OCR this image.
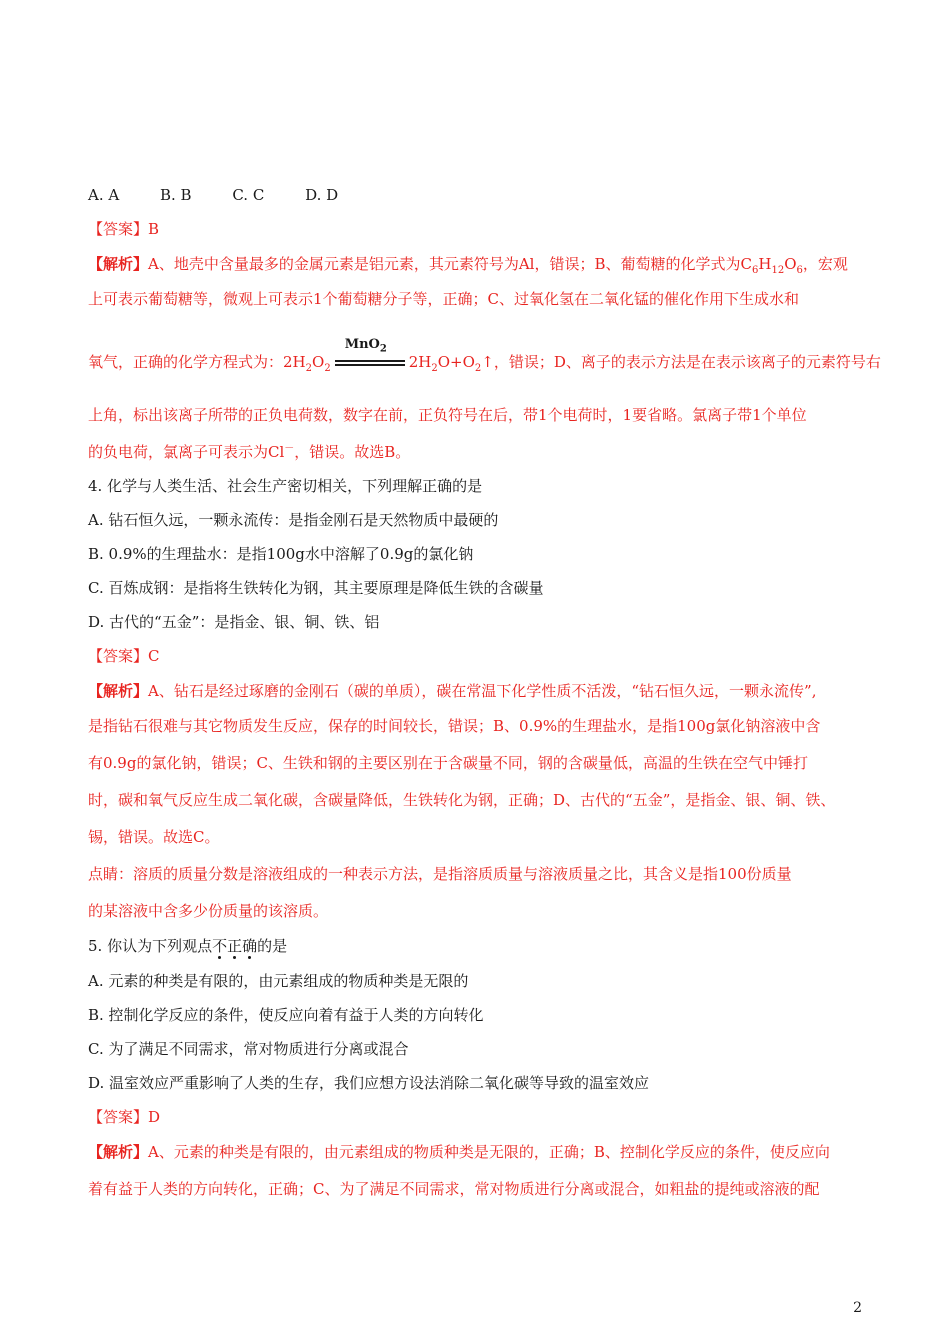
A. A	B. B	C. C	D. D
【答案】B
【解析】A、地壳中含量最多的金属元素是铝元素，其元素符号为Al，错误；B、葡萄糖的化学式为$C_6H_{12}O_6$，宏观
上可表示葡萄糖等，微观上可表示1个葡萄糖分子等，正确；C、过氧化氢在二氧化锰的催化作用下生成水和
氧气，正确的化学方程式为：$2H_2O_2$
MnO$_2$
$2H_2O+O_2↑$，错误；D、离子的表示方法是在表示该离子的元素符号右
上角，标出该离子所带的正负电荷数，数字在前，正负符号在后，带1个电荷时，1要省略。氯离子带1个单位
的负电荷，氯离子可表示为Cl－，错误。故选B。
4. 化学与人类生活、社会生产密切相关，下列理解正确的是
A. 钻石恒久远，一颗永流传：是指金刚石是天然物质中最硬的
B. 0.9%的生理盐水：是指100g水中溶解了0.9g的氯化钠
C. 百炼成钢：是指将生铁转化为钢，其主要原理是降低生铁的含碳量
D. 古代的“五金”：是指金、银、铜、铁、铝
【答案】C
【解析】A、钻石是经过琢磨的金刚石（碳的单质），碳在常温下化学性质不活泼，“钻石恒久远，一颗永流传”,
是指钻石很难与其它物质发生反应，保存的时间较长，错误；B、0.9%的生理盐水，是指100g氯化钠溶液中含
有0.9g的氯化钠，错误；C、生铁和钢的主要区别在于含碳量不同，钢的含碳量低，高温的生铁在空气中锤打
时，碳和氧气反应生成二氧化碳，含碳量降低，生铁转化为钢，正确；D、古代的“五金”，是指金、银、铜、铁、
锡，错误。故选C。
点睛：溶质的质量分数是溶液组成的一种表示方法，是指溶质质量与溶液质量之比，其含义是指100份质量
的某溶液中含多少份质量的该溶质。
5. 你认为下列观点不正确
的是
A. 元素的种类是有限的，由元素组成的物质种类是无限的
B. 控制化学反应的条件，使反应向着有益于人类的方向转化
C. 为了满足不同需求，常对物质进行分离或混合
D. 温室效应严重影响了人类的生存，我们应想方设法消除二氧化碳等导致的温室效应
【答案】D
【解析】A、元素的种类是有限的，由元素组成的物质种类是无限的，正确；B、控制化学反应的条件，使反应向
着有益于人类的方向转化，正确；C、为了满足不同需求，常对物质进行分离或混合，如粗盐的提纯或溶液的配
2
